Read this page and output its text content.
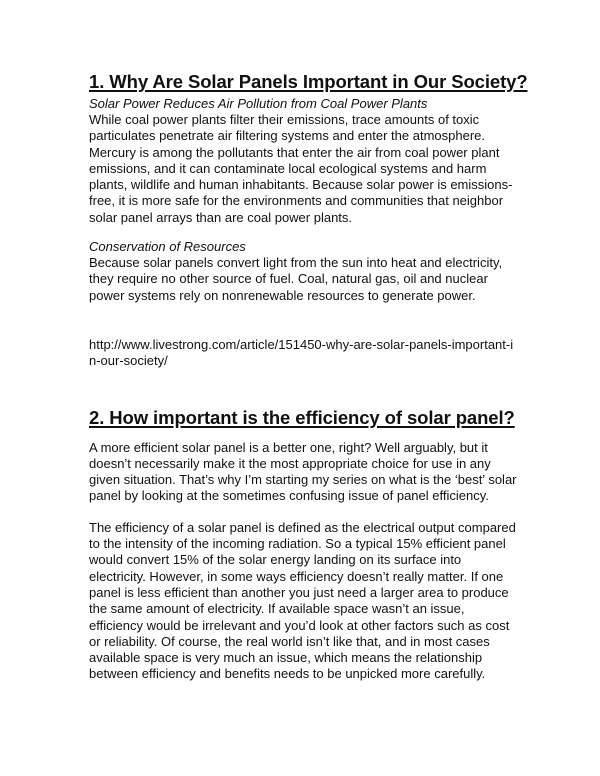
1. Why Are Solar Panels Important in Our Society?

Solar Power Reduces Air Pollution from Coal Power Plants

While coal power plants filter their emissions, trace amounts of toxic particulates penetrate air filtering systems and enter the atmosphere. Mercury is among the pollutants that enter the air from coal power plant emissions, and it can contaminate local ecological systems and harm plants, wildlife and human inhabitants. Because solar power is emissions-free, it is more safe for the environments and communities that neighbor solar panel arrays than are coal power plants.

Conservation of Resources

Because solar panels convert light from the sun into heat and electricity, they require no other source of fuel. Coal, natural gas, oil and nuclear power systems rely on nonrenewable resources to generate power.

http://www.livestrong.com/article/151450-why-are-solar-panels-important-in-our-society/

2. How important is the efficiency of solar panel?

A more efficient solar panel is a better one, right? Well arguably, but it doesn’t necessarily make it the most appropriate choice for use in any given situation. That’s why I’m starting my series on what is the ‘best’ solar panel by looking at the sometimes confusing issue of panel efficiency.

The efficiency of a solar panel is defined as the electrical output compared to the intensity of the incoming radiation. So a typical 15% efficient panel would convert 15% of the solar energy landing on its surface into electricity. However, in some ways efficiency doesn’t really matter. If one panel is less efficient than another you just need a larger area to produce the same amount of electricity. If available space wasn’t an issue, efficiency would be irrelevant and you’d look at other factors such as cost or reliability. Of course, the real world isn’t like that, and in most cases available space is very much an issue, which means the relationship between efficiency and benefits needs to be unpicked more carefully.
